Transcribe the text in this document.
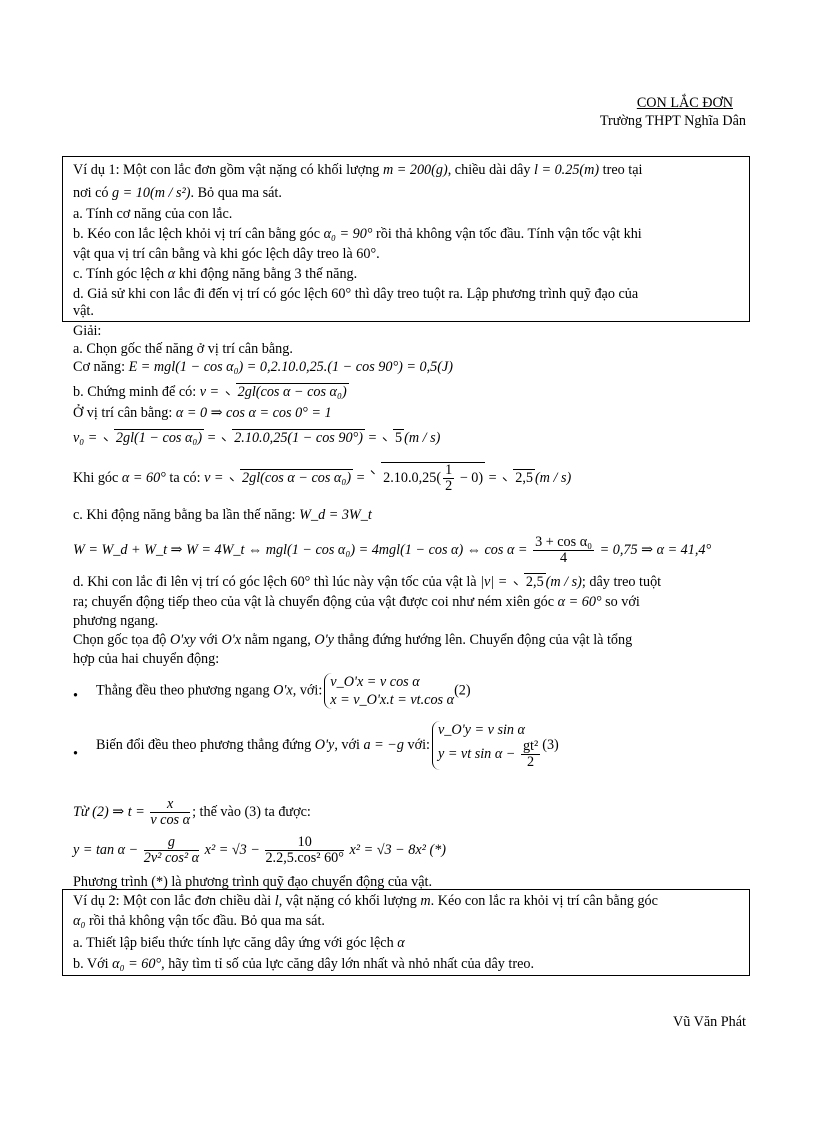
CON LẮC ĐƠN
Trường THPT Nghĩa Dân
Ví dụ 1: Một con lắc đơn gồm vật nặng có khối lượng m = 200(g), chiều dài dây l = 0.25(m) treo tại
nơi có g = 10(m / s²). Bỏ qua ma sát.
a. Tính cơ năng của con lắc.
b. Kéo con lắc lệch khỏi vị trí cân bằng góc α₀ = 90° rồi thả không vận tốc đầu. Tính vận tốc vật khi
vật qua vị trí cân bằng và khi góc lệch dây treo là 60°.
c. Tính góc lệch α khi động năng bằng 3 thế năng.
d. Giả sử khi con lắc đi đến vị trí có góc lệch 60° thì dây treo tuột ra. Lập phương trình quỹ đạo của
vật.
Giải:
a. Chọn gốc thế năng ở vị trí cân bằng.
Cơ năng: E = mgl(1 − cos α₀) = 0,2.10.0,25.(1 − cos 90°) = 0,5(J)
b. Chứng minh để có: v = 2gl(cos α − cos α₀)
Ở vị trí cân bằng: α = 0 ⇒ cos α = cos 0° = 1
v₀ = 2gl(1 − cos α₀) = 2.10.0,25(1 − cos 90°) = 5 (m / s)
Khi góc α = 60° ta có: v = 2gl(cos $\alpha - \cos \alpha_0) = 2.10.0,25( \frac{1}{2} - 0) = 2,5$ (m / s)
c. Khi động năng bằng ba lần thế năng: W_d = 3W_t
W = W_d + W_t ⇒ W = 4W_t ⇔ mgl(1 − cos α₀) = 4mgl(1 − cos α) ⇔ $\cos \alpha = \frac{\text{3 + cos α₀}}{4} = 0,75$ ⇒ α = 41,4°
d. Khi con lắc đi lên vị trí có góc lệch 60° thì lúc này vận tốc của vật là |v| = 2,5 (m / s); dây treo tuột
ra; chuyển động tiếp theo của vật là chuyển động của vật được coi như ném xiên góc α = 60° so với
phương ngang.
Chọn gốc tọa độ O'xy với O'x nằm ngang, O'y thẳng đứng hướng lên. Chuyển động của vật là tổng
hợp của hai chuyển động:
• Thẳng đều theo phương ngang O'x, với:
v_O'x = v cos α
x = v_O'x.t = vt.cos α
(2)
•
Biến đổi đều theo phương thẳng đứng O'y, với a = −g với:
v_O'y = v sin α
y = vt $\sin \alpha - \frac{\text{gt²}}{2} (3)$
Từ (2) ⇒ $t = \frac{x}{\text{v cos α}}$ ; thế vào (3) ta được:
$y = \tan \alpha - \frac{g}{\text{2v² cos² α}} x^2 = √3 - \frac{10}{\text{2.2,5.cos² 60°}} x^2 = √3 - 8x^2$ (*)
Phương trình (*) là phương trình quỹ đạo chuyển động của vật.
Ví dụ 2: Một con lắc đơn chiều dài l, vật nặng có khối lượng m. Kéo con lắc ra khỏi vị trí cân bằng góc
α₀ rồi thả không vận tốc đầu. Bỏ qua ma sát.
a. Thiết lập biểu thức tính lực căng dây ứng với góc lệch α
b. Với α₀ = 60°, hãy tìm tỉ số của lực căng dây lớn nhất và nhỏ nhất của dây treo.
Vũ Văn Phát
